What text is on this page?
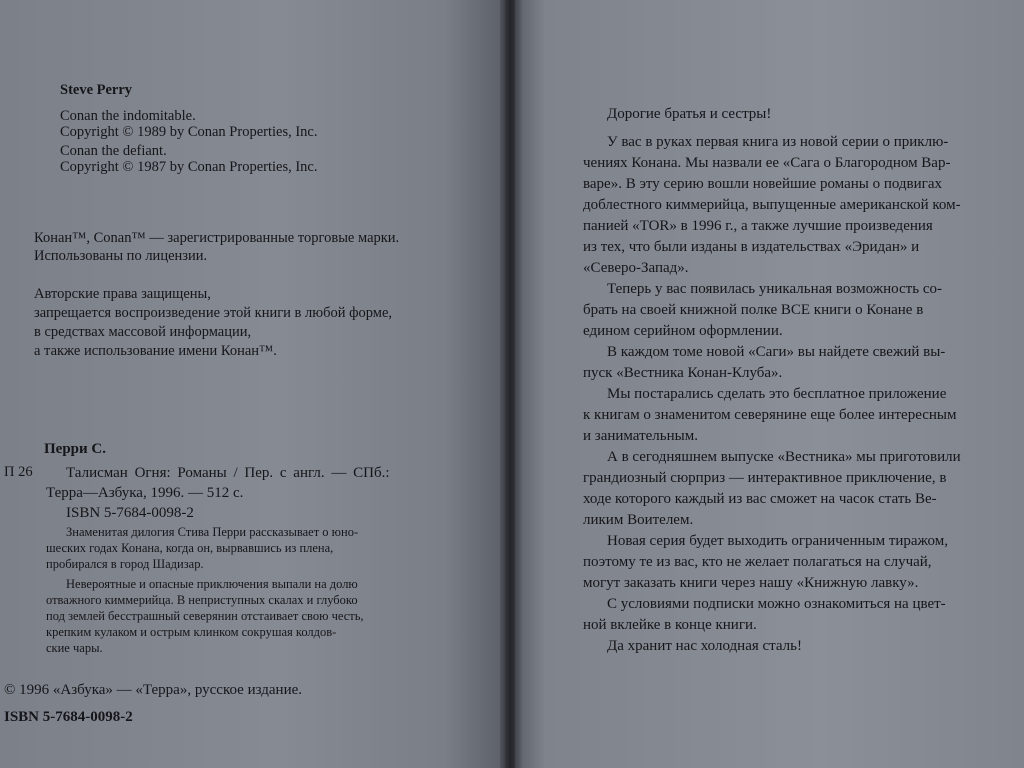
Steve Perry
Conan the indomitable.
Copyright © 1989 by Conan Properties, Inc.
Conan the defiant.
Copyright © 1987 by Conan Properties, Inc.
Конан™, Conan™ — зарегистрированные торговые марки.
Использованы по лицензии.
Авторские права защищены,
запрещается воспроизведение этой книги в любой форме,
в средствах массовой информации,
а также использование имени Конан™.
Перри С.
П 26 Талисман Огня: Романы / Пер. с англ. — СПб.:
Терра—Азбука, 1996. — 512 с.
ISBN 5-7684-0098-2
Знаменитая дилогия Стива Перри рассказывает о юно-
шеских годах Конана, когда он, вырвавшись из плена,
пробирался в город Шадизар.
Невероятные и опасные приключения выпали на долю
отважного киммерийца. В неприступных скалах и глубоко
под землей бесстрашный северянин отстаивает свою честь,
крепким кулаком и острым клинком сокрушая колдов-
ские чары.
© 1996 «Азбука» — «Терра», русское издание.
ISBN 5-7684-0098-2
Дорогие братья и сестры!
У вас в руках первая книга из новой серии о приклю-
чениях Конана. Мы назвали ее «Сага о Благородном Вар-
варе». В эту серию вошли новейшие романы о подвигах
доблестного киммерийца, выпущенные американской ком-
панией «TOR» в 1996 г., а также лучшие произведения
из тех, что были изданы в издательствах «Эридан» и
«Северо-Запад».
Теперь у вас появилась уникальная возможность со-
брать на своей книжной полке ВСЕ книги о Конане в
едином серийном оформлении.
В каждом томе новой «Саги» вы найдете свежий вы-
пуск «Вестника Конан-Клуба».
Мы постарались сделать это бесплатное приложение
к книгам о знаменитом северянине еще более интересным
и занимательным.
А в сегодняшнем выпуске «Вестника» мы приготовили
грандиозный сюрприз — интерактивное приключение, в
ходе которого каждый из вас сможет на часок стать Ве-
ликим Воителем.
Новая серия будет выходить ограниченным тиражом,
поэтому те из вас, кто не желает полагаться на случай,
могут заказать книги через нашу «Книжную лавку».
С условиями подписки можно ознакомиться на цвет-
ной вклейке в конце книги.
Да хранит нас холодная сталь!
